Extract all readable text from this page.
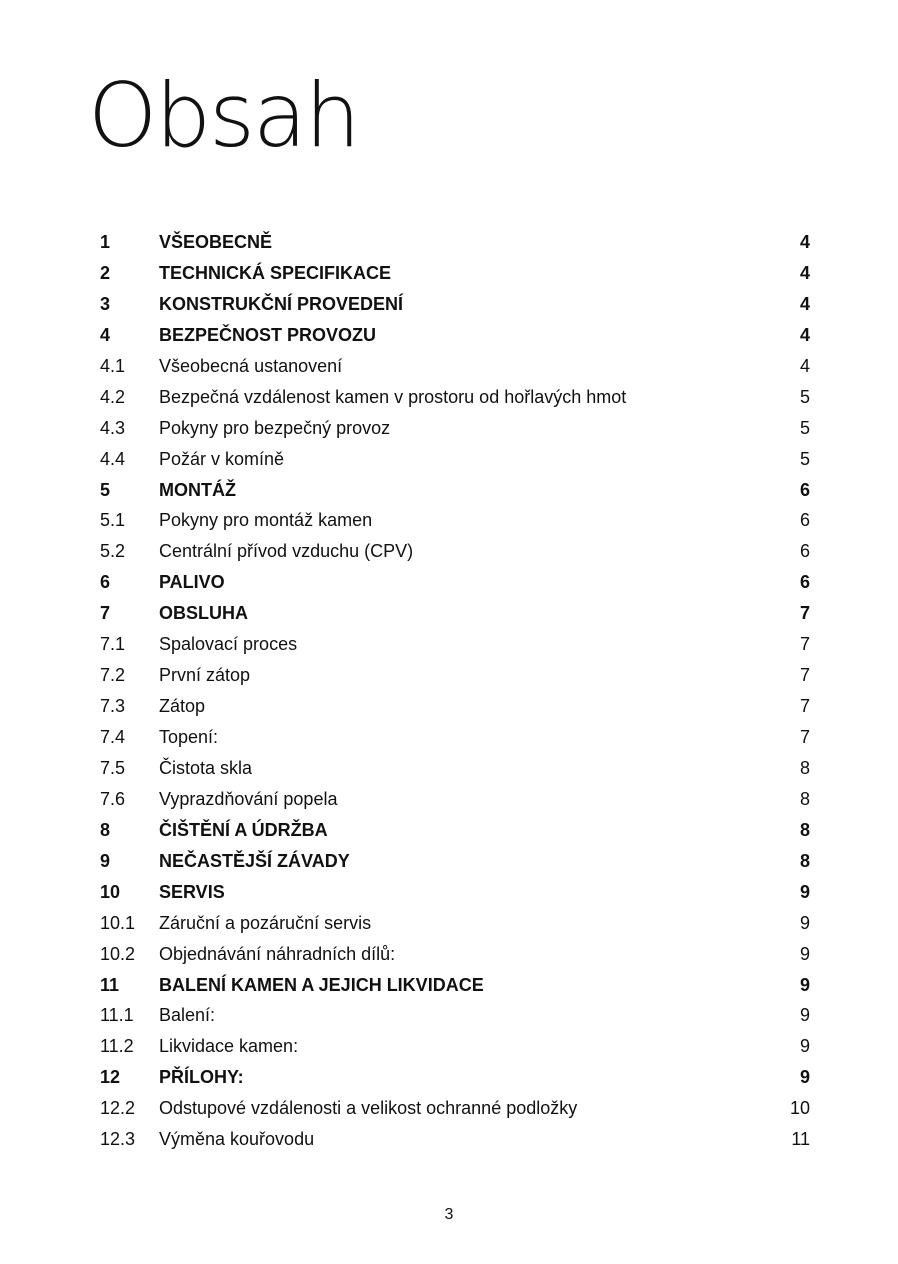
Obsah
1	VŠEOBECNĚ	4
2	TECHNICKÁ SPECIFIKACE	4
3	KONSTRUKČNÍ PROVEDENÍ	4
4	BEZPEČNOST PROVOZU	4
4.1 Všeobecná ustanovení	4
4.2 Bezpečná vzdálenost kamen v prostoru od hořlavých hmot	5
4.3 Pokyny pro bezpečný provoz	5
4.4 Požár v komíně	5
5	MONTÁŽ	6
5.1 Pokyny pro montáž kamen	6
5.2 Centrální přívod vzduchu (CPV)	6
6	PALIVO	6
7	OBSLUHA	7
7.1 Spalovací proces	7
7.2 První zátop	7
7.3 Zátop	7
7.4 Topení:	7
7.5 Čistota skla	8
7.6 Vyprazdňování popela	8
8	ČIŠTĚNÍ A ÚDRŽBA	8
9	NEČASTĚJŠÍ ZÁVADY	8
10 SERVIS	9
10.1 Záruční a pozáruční servis	9
10.2 Objednávání náhradních dílů:	9
11 BALENÍ KAMEN A JEJICH LIKVIDACE	9
11.1 Balení:	9
11.2 Likvidace kamen:	9
12 PŘÍLOHY:	9
12.2 Odstupové vzdálenosti a velikost ochranné podložky	10
12.3 Výměna kouřovodu	11
3
